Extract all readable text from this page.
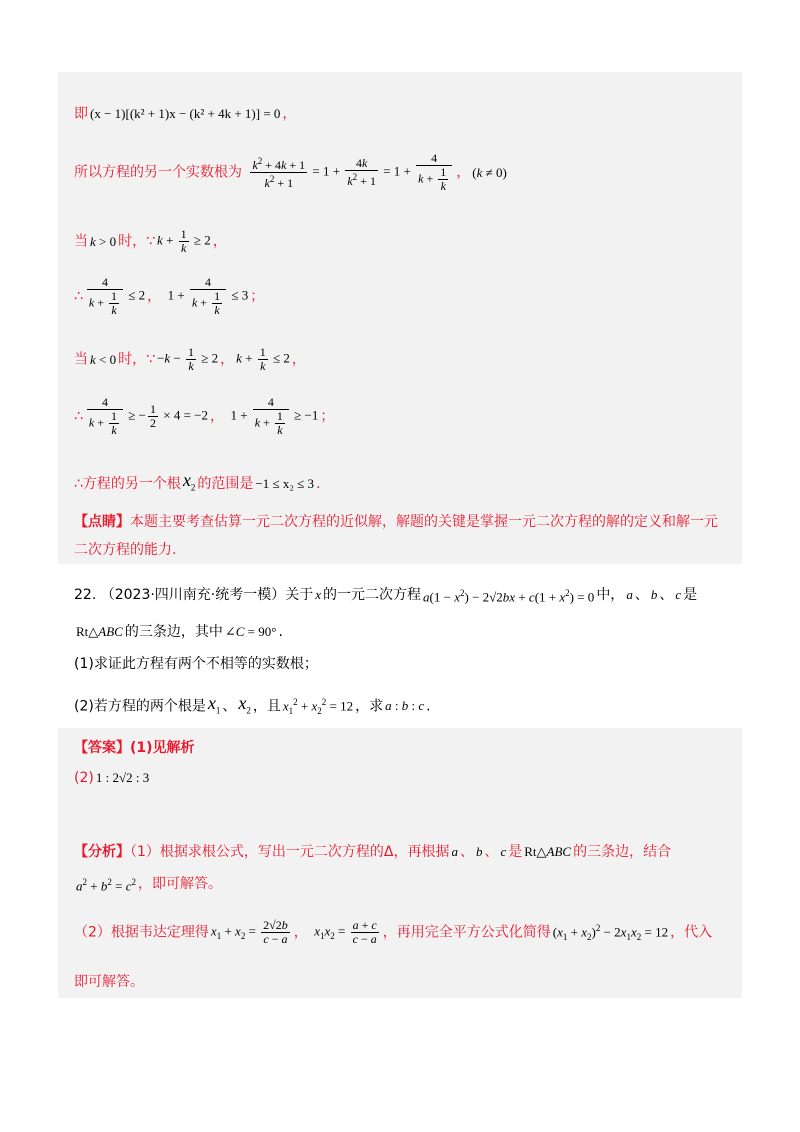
即 (x − 1)[(k² + 1)x − (k² + 4k + 1)] = 0 ，
所以方程的另一个实数根为 $\frac{k^2 + 4k + 1}{k^2 + 1} = 1 + \frac{4k}{k^2 + 1} = 1 + \frac{4}{k + \frac{1}{k}}$ ， (k ≠ 0)
当 k > 0 时，∵ $k + \frac{1}{k} \ge 2$ ，
∴ $\frac{4}{k + \frac{1}{k}} \le 2$ ， $1 + \frac{4}{k + \frac{1}{k}} \le 3$ ；
当 k < 0 时，∵ $-k - \frac{1}{k} \ge 2$ ， $k + \frac{1}{k} \le 2$ ，
∴ $\frac{4}{k + \frac{1}{k}}$ ≥ − $\frac{1}{2} \times 4 = -2$ ， $1 + \frac{4}{k + \frac{1}{k}} \ge -1$ ；
∴方程的另一个根 $x_2$ 的范围是 −1 ≤ x₂ ≤ 3 .
【点睛】本题主要考查估算一元二次方程的近似解，解题的关键是掌握一元二次方程的解的定义和解一元
二次方程的能力.
22. （2023·四川南充·统考一模）关于 x 的一元二次方程 $a(1 - x^2) - 2√2bx + c(1 + x^2) = 0$ 中， a 、 b 、 c 是
Rt△ABC 的三条边，其中 ∠C = 90° .
(1)求证此方程有两个不相等的实数根；
(2)若方程的两个根是 $x_1$ 、 $x_2$ ，且 $x_1^2 + x_2^2 = 12$ ，求 a : b : c .
【答案】(1)见解析
(2) 1 : 2√2 : 3
【分析】（1）根据求根公式，写出一元二次方程的Δ，再根据 a 、 b 、 c 是 Rt△ABC 的三条边，结合
$a^2 + b^2 = c^2$ ，即可解答。
（2）根据韦达定理得 $x_1 + x_2 = \frac{2√2b}{c - a}$ ， $x_1x_2 = \frac{a + c}{c - a}$ ，再用完全平方公式化简得 $(x_1 + x_2)^2 - 2x_1x_2 = 12$ ，代入
即可解答。
